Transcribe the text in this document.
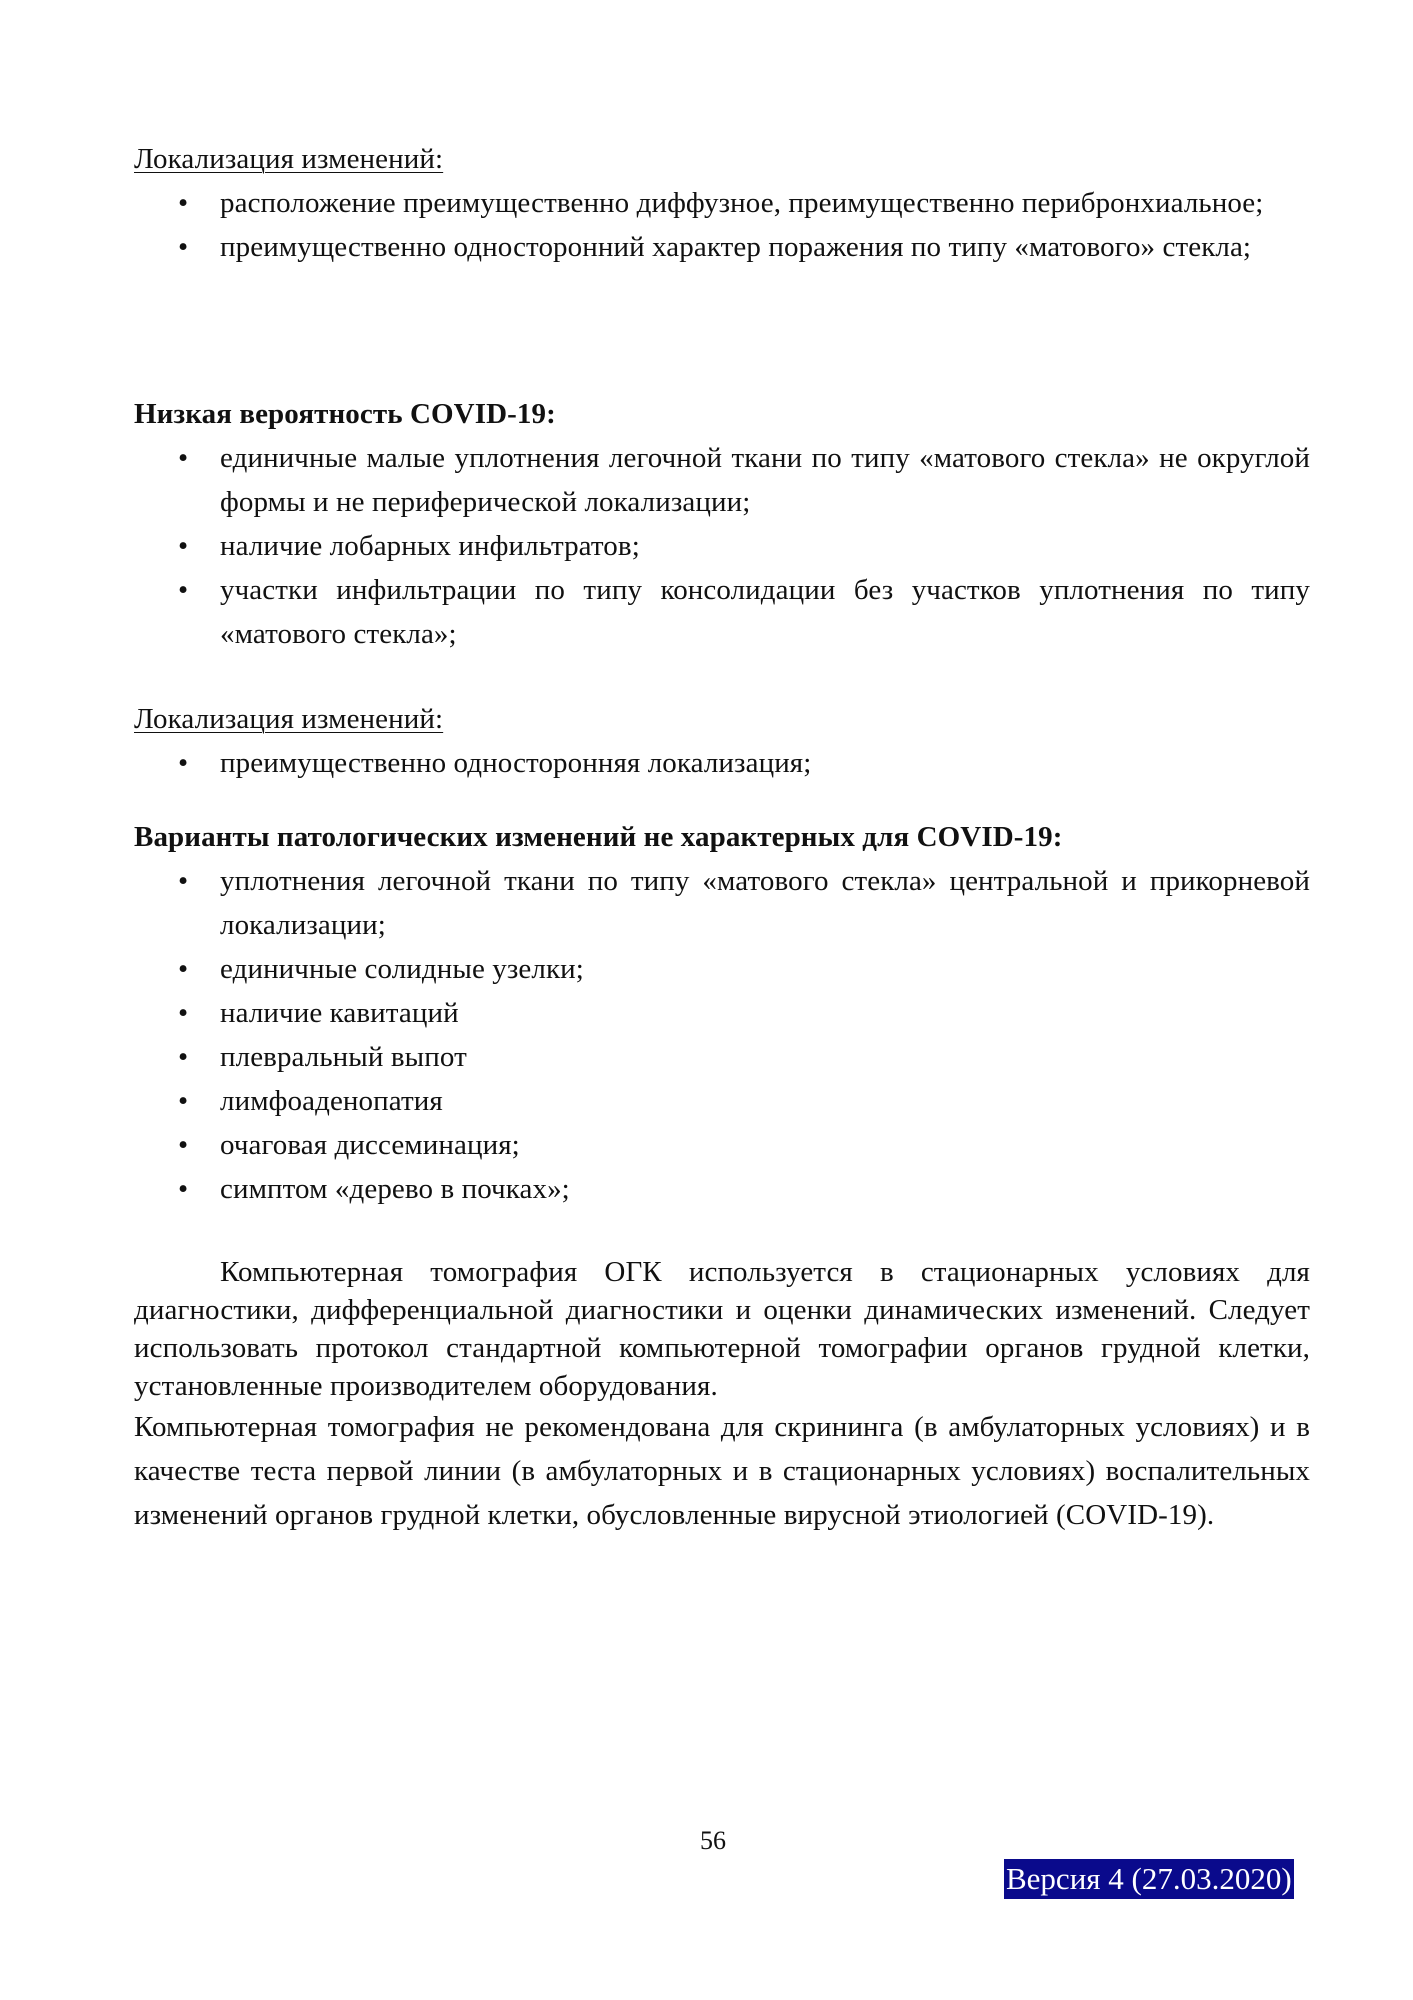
Локализация изменений:
•	расположение преимущественно диффузное, преимущественно перибронхиальное;
•	преимущественно односторонний характер поражения по типу «матового» стекла;
Низкая вероятность COVID-19:
•	единичные малые уплотнения легочной ткани по типу «матового стекла» не округлой формы и не периферической локализации;
•	наличие лобарных инфильтратов;
•	участки инфильтрации по типу консолидации без участков уплотнения по типу «матового стекла»;
Локализация изменений:
•	преимущественно односторонняя локализация;
Варианты патологических изменений не характерных для COVID-19:
•	уплотнения легочной ткани по типу «матового стекла» центральной и прикорневой локализации;
•	единичные солидные узелки;
•	наличие кавитаций
•	плевральный выпот
•	лимфоаденопатия
•	очаговая диссеминация;
•	симптом «дерево в почках»;

Компьютерная томография ОГК используется в стационарных условиях для диагностики, дифференциальной диагностики и оценки динамических изменений. Следует использовать протокол стандартной компьютерной томографии органов грудной клетки, установленные производителем оборудования.

Компьютерная томография не рекомендована для скрининга (в амбулаторных условиях) и в качестве теста первой линии (в амбулаторных и в стационарных условиях) воспалительных изменений органов грудной клетки, обусловленные вирусной этиологией (COVID-19).

56
Версия 4 (27.03.2020)
